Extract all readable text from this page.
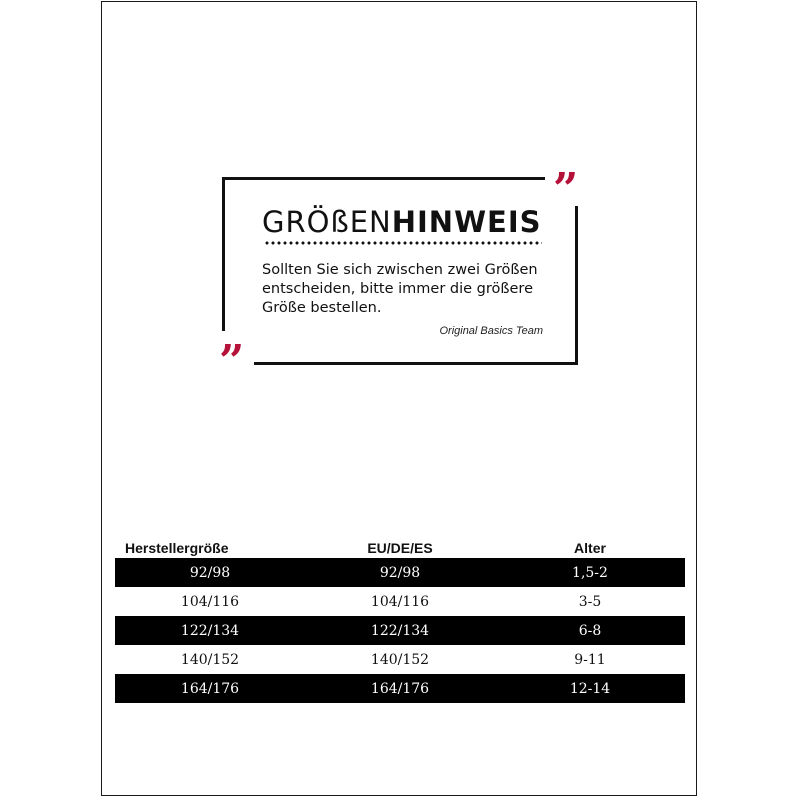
”
”
GRÖßENHINWEIS
Sollten Sie sich zwischen zwei Größen entscheiden, bitte immer die größere Größe bestellen.
Original Basics Team
Herstellergröße	EU/DE/ES	Alter
92/98	92/98	1,5-2
104/116	104/116	3-5
122/134	122/134	6-8
140/152	140/152	9-11
164/176	164/176	12-14
